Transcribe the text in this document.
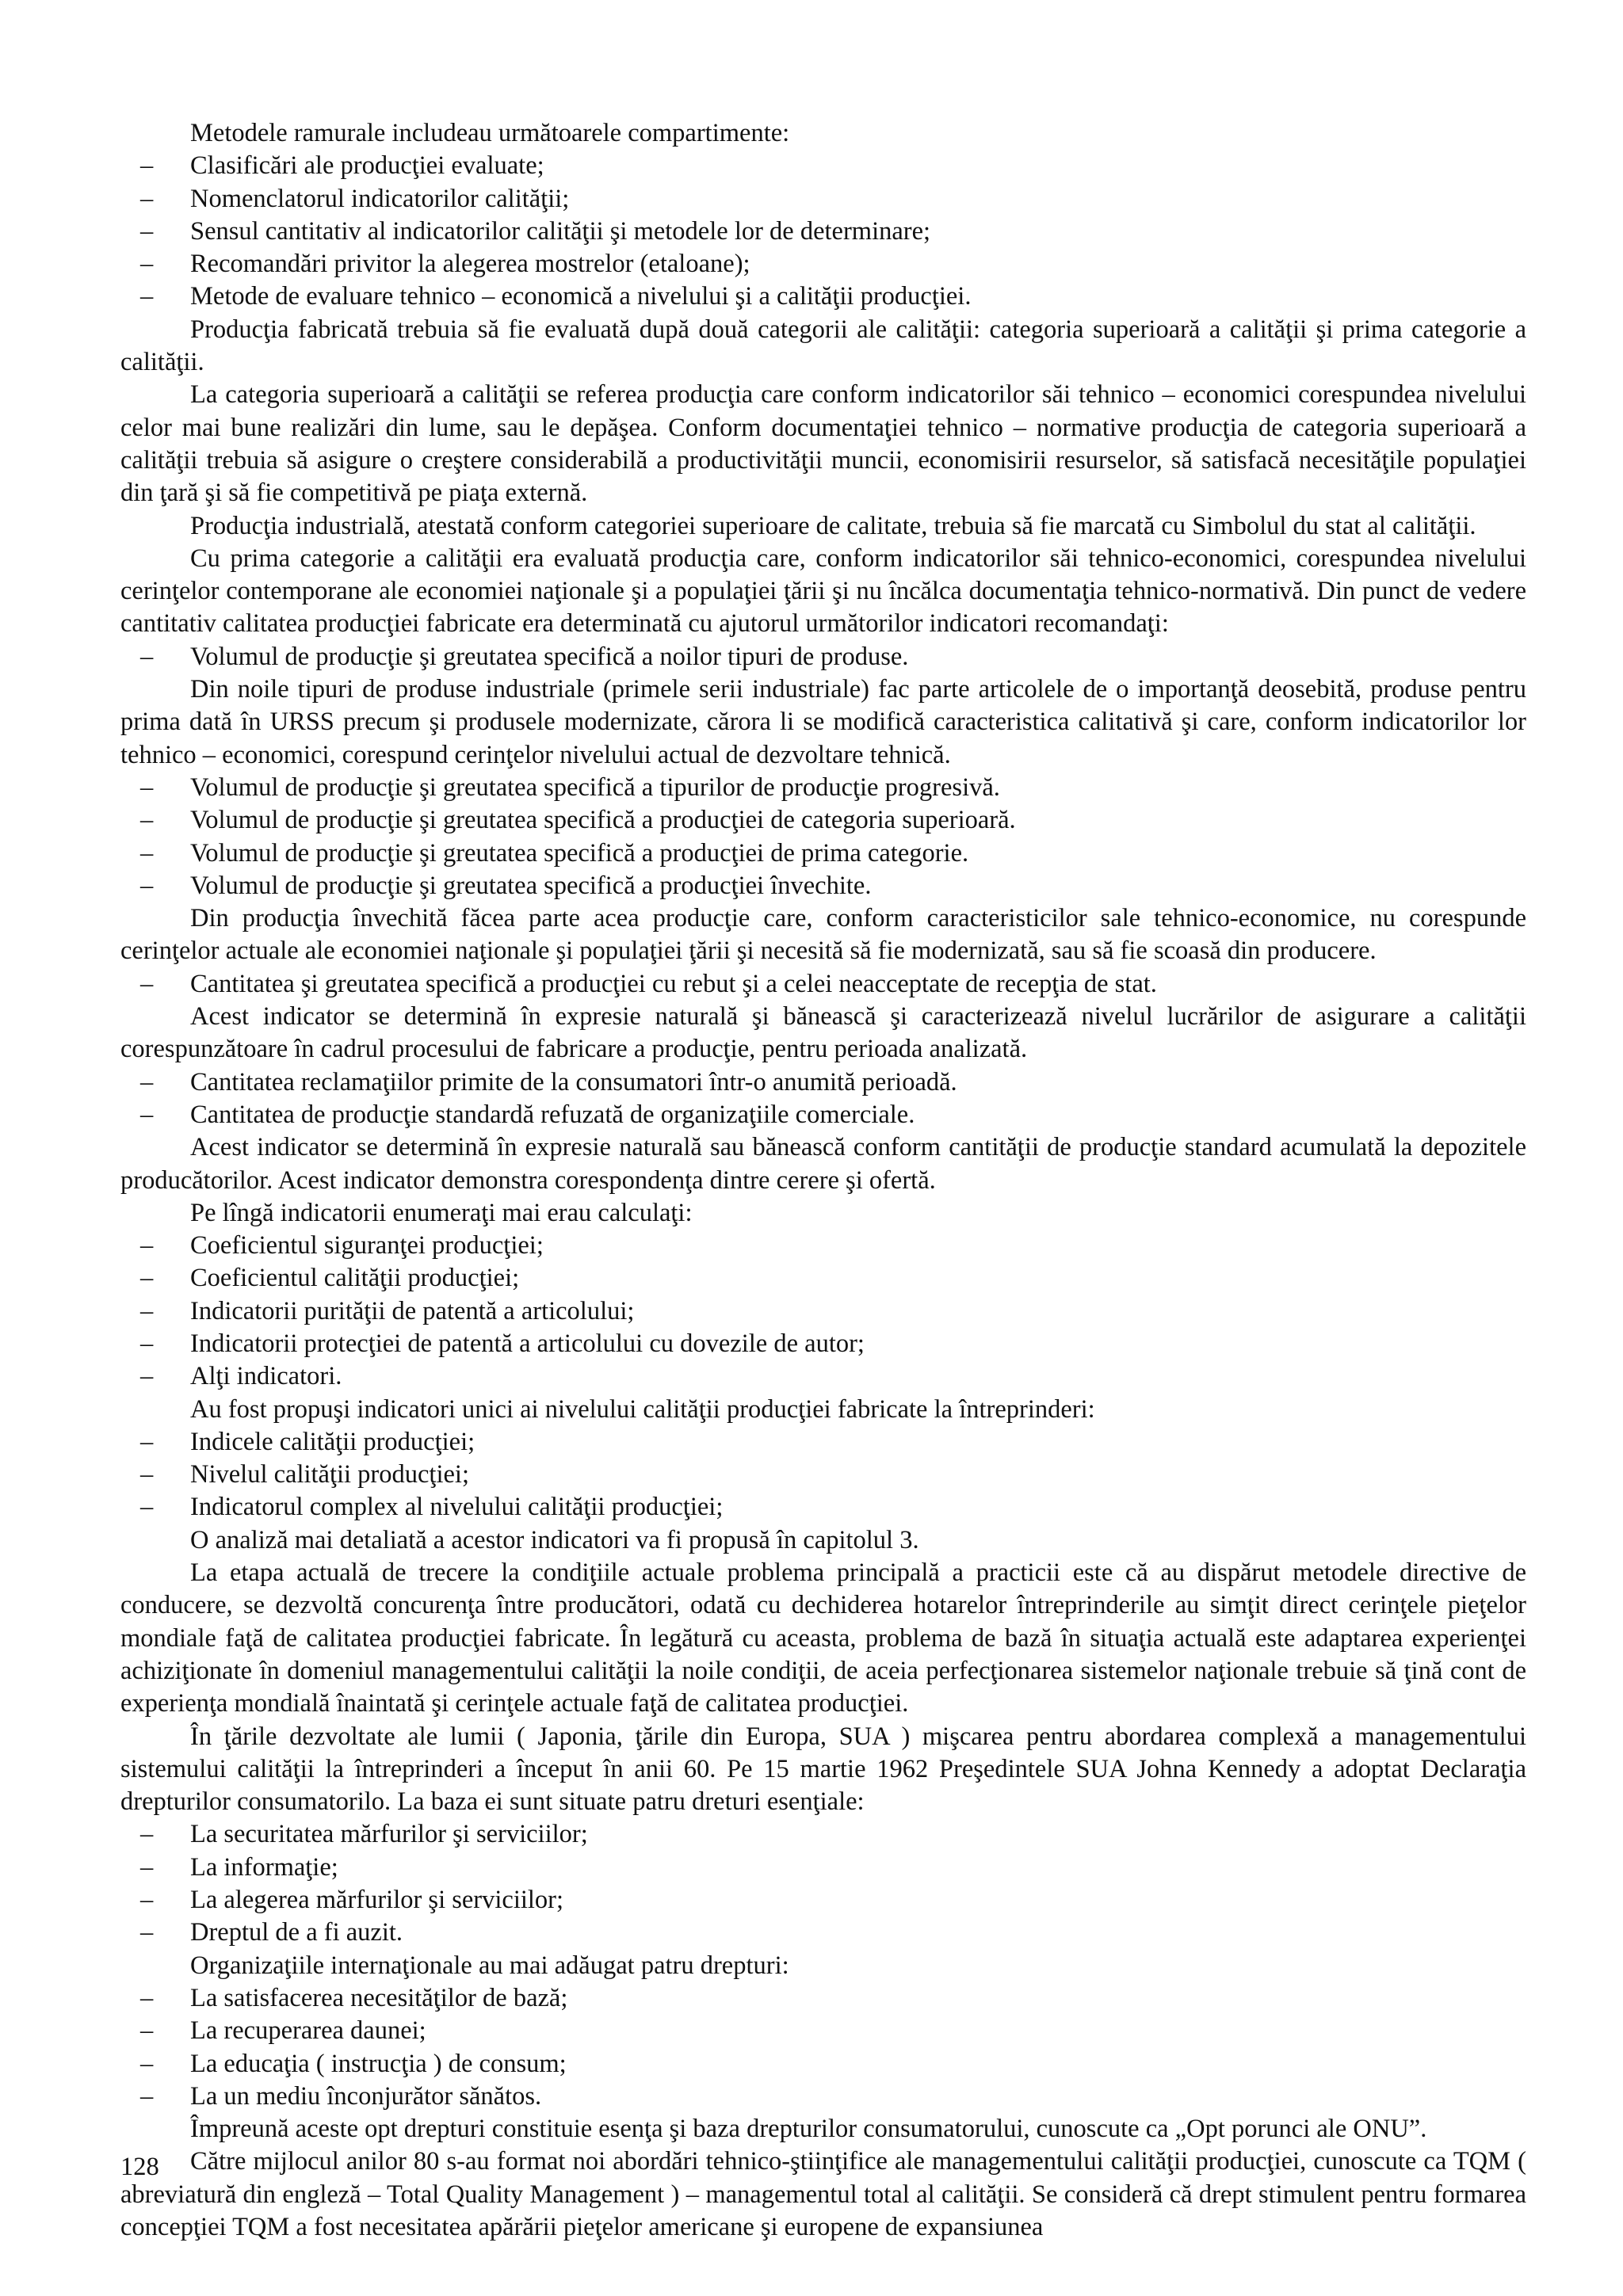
Metodele ramurale includeau următoarele compartimente:
– Clasificări ale producţiei evaluate;
– Nomenclatorul indicatorilor calităţii;
– Sensul cantitativ al indicatorilor calităţii şi metodele lor de determinare;
– Recomandări privitor la alegerea mostrelor (etaloane);
– Metode de evaluare tehnico – economică a nivelului şi a calităţii producţiei.
Producţia fabricată trebuia să fie evaluată după două categorii ale calităţii: categoria superioară a calităţii şi prima categorie a calităţii.
La categoria superioară a calităţii se referea producţia care conform indicatorilor săi tehnico – economici corespundea nivelului celor mai bune realizări din lume, sau le depăşea. Conform documentaţiei tehnico – normative producţia de categoria superioară a calităţii trebuia să asigure o creştere considerabilă a productivităţii muncii, economisirii resurselor, să satisfacă necesităţile populaţiei din ţară şi să fie competitivă pe piaţa externă.
Producţia industrială, atestată conform categoriei superioare de calitate, trebuia să fie marcată cu Simbolul du stat al calităţii.
Cu prima categorie a calităţii era evaluată producţia care, conform indicatorilor săi tehnico-economici, corespundea nivelului cerinţelor contemporane ale economiei naţionale şi a populaţiei ţării şi nu încălca documentaţia tehnico-normativă. Din punct de vedere cantitativ calitatea producţiei fabricate era determinată cu ajutorul următorilor indicatori recomandaţi:
– Volumul de producţie şi greutatea specifică a noilor tipuri de produse.
Din noile tipuri de produse industriale (primele serii industriale) fac parte articolele de o importanţă deosebită, produse pentru prima dată în URSS precum şi produsele modernizate, cărora li se modifică caracteristica calitativă şi care, conform indicatorilor lor tehnico – economici, corespund cerinţelor nivelului actual de dezvoltare tehnică.
– Volumul de producţie şi greutatea specifică a tipurilor de producţie progresivă.
– Volumul de producţie şi greutatea specifică a producţiei de categoria superioară.
– Volumul de producţie şi greutatea specifică a producţiei de prima categorie.
– Volumul de producţie şi greutatea specifică a producţiei învechite.
Din producţia învechită făcea parte acea producţie care, conform caracteristicilor sale tehnico-economice, nu corespunde cerinţelor actuale ale economiei naţionale şi populaţiei ţării şi necesită să fie modernizată, sau să fie scoasă din producere.
– Cantitatea şi greutatea specifică a producţiei cu rebut şi a celei neacceptate de recepţia de stat.
Acest indicator se determină în expresie naturală şi bănească şi caracterizează nivelul lucrărilor de asigurare a calităţii corespunzătoare în cadrul procesului de fabricare a producţie, pentru perioada analizată.
– Cantitatea reclamaţiilor primite de la consumatori într-o anumită perioadă.
– Cantitatea de producţie standardă refuzată de organizaţiile comerciale.
Acest indicator se determină în expresie naturală sau bănească conform cantităţii de producţie standard acumulată la depozitele producătorilor. Acest indicator demonstra corespondenţa dintre cerere şi ofertă.
Pe lîngă indicatorii enumeraţi mai erau calculaţi:
– Coeficientul siguranţei producţiei;
– Coeficientul calităţii producţiei;
– Indicatorii purităţii de patentă a articolului;
– Indicatorii protecţiei de patentă a articolului cu dovezile de autor;
– Alţi indicatori.
Au fost propuşi indicatori unici ai nivelului calităţii producţiei fabricate la întreprinderi:
– Indicele calităţii producţiei;
– Nivelul calităţii producţiei;
– Indicatorul complex al nivelului calităţii producţiei;
O analiză mai detaliată a acestor indicatori va fi propusă în capitolul 3.
La etapa actuală de trecere la condiţiile actuale problema principală a practicii este că au dispărut metodele directive de conducere, se dezvoltă concurenţa între producători, odată cu dechiderea hotarelor întreprinderile au simţit direct cerinţele pieţelor mondiale faţă de calitatea producţiei fabricate. În legătură cu aceasta, problema de bază în situaţia actuală este adaptarea experienţei achiziţionate în domeniul managementului calităţii la noile condiţii, de aceia perfecţionarea sistemelor naţionale trebuie să ţină cont de experienţa mondială înaintată şi cerinţele actuale faţă de calitatea producţiei.
În ţările dezvoltate ale lumii ( Japonia, ţările din Europa, SUA ) mişcarea pentru abordarea complexă a managementului sistemului calităţii la întreprinderi a început în anii 60. Pe 15 martie 1962 Preşedintele SUA Johna Kennedy a adoptat Declaraţia drepturilor consumatorilo. La baza ei sunt situate patru dreturi esenţiale:
– La securitatea mărfurilor şi serviciilor;
– La informaţie;
– La alegerea mărfurilor şi serviciilor;
– Dreptul de a fi auzit.
Organizaţiile internaţionale au mai adăugat patru drepturi:
– La satisfacerea necesităţilor de bază;
– La recuperarea daunei;
– La educaţia ( instrucţia ) de consum;
– La un mediu înconjurător sănătos.
Împreună aceste opt drepturi constituie esenţa şi baza drepturilor consumatorului, cunoscute ca „Opt porunci ale ONU”.
Către mijlocul anilor 80 s-au format noi abordări tehnico-ştiinţifice ale managementului calităţii producţiei, cunoscute ca TQM ( abreviatură din engleză – Total Quality Management ) – managementul total al calităţii. Se consideră că drept stimulent pentru formarea concepţiei TQM a fost necesitatea apărării pieţelor americane şi europene de expansiunea
128
